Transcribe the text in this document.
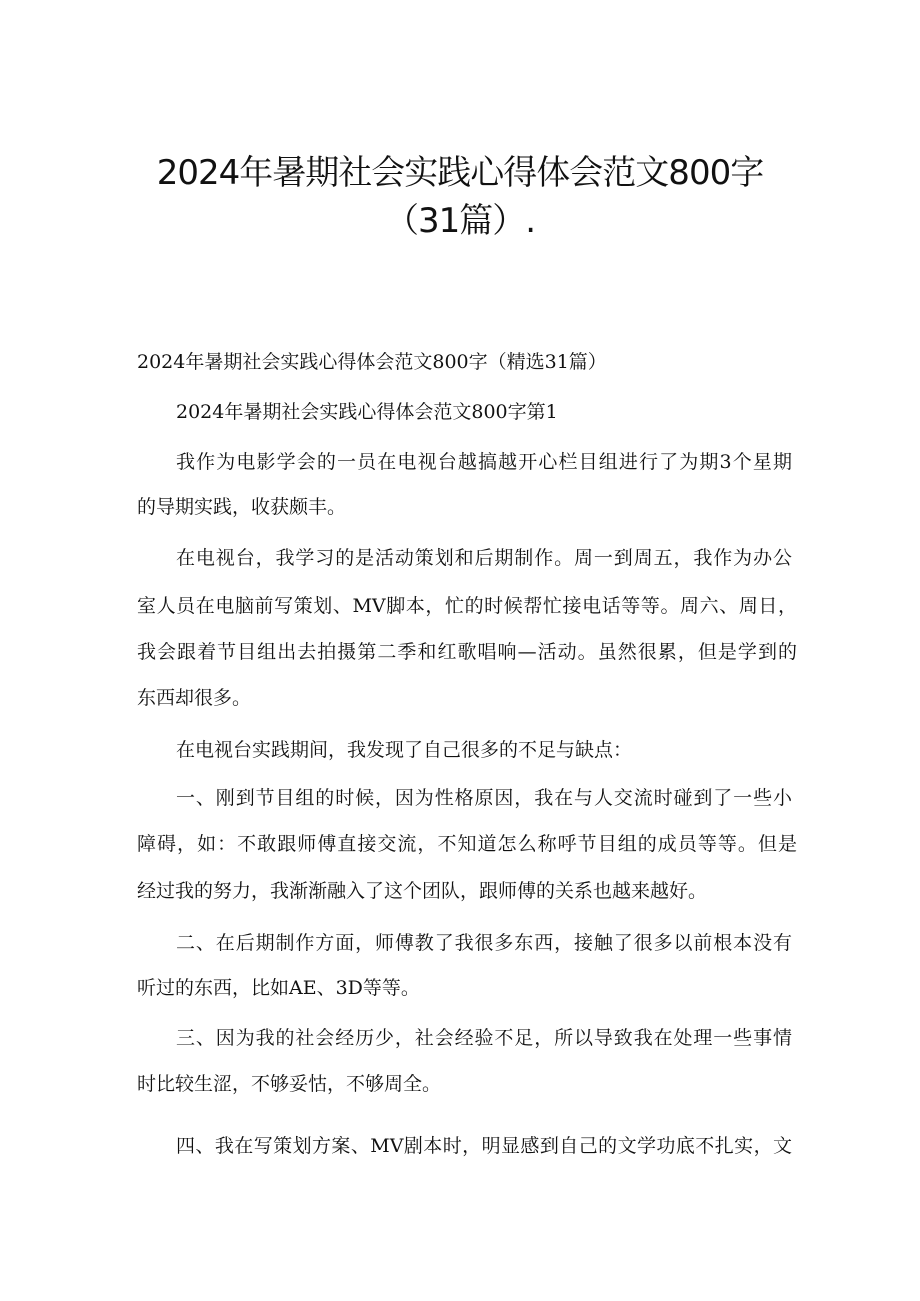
2024年暑期社会实践心得体会范文800字
（31篇）.
2024年暑期社会实践心得体会范文800字（精选31篇）
2024年暑期社会实践心得体会范文800字第1
我作为电影学会的一员在电视台越搞越开心栏目组进行了为期3个星期
的导期实践，收获颇丰。
在电视台，我学习的是活动策划和后期制作。周一到周五，我作为办公
室人员在电脑前写策划、MV脚本，忙的时候帮忙接电话等等。周六、周日，
我会跟着节目组出去拍摄第二季和红歌唱响—活动。虽然很累，但是学到的
东西却很多。
在电视台实践期间，我发现了自己很多的不足与缺点：
一、刚到节目组的时候，因为性格原因，我在与人交流时碰到了一些小
障碍，如：不敢跟师傅直接交流，不知道怎么称呼节目组的成员等等。但是
经过我的努力，我渐渐融入了这个团队，跟师傅的关系也越来越好。
二、在后期制作方面，师傅教了我很多东西，接触了很多以前根本没有
听过的东西，比如AE、3D等等。
三、因为我的社会经历少，社会经验不足，所以导致我在处理一些事情
时比较生涩，不够妥怙，不够周全。
四、我在写策划方案、MV剧本时，明显感到自己的文学功底不扎实，文
